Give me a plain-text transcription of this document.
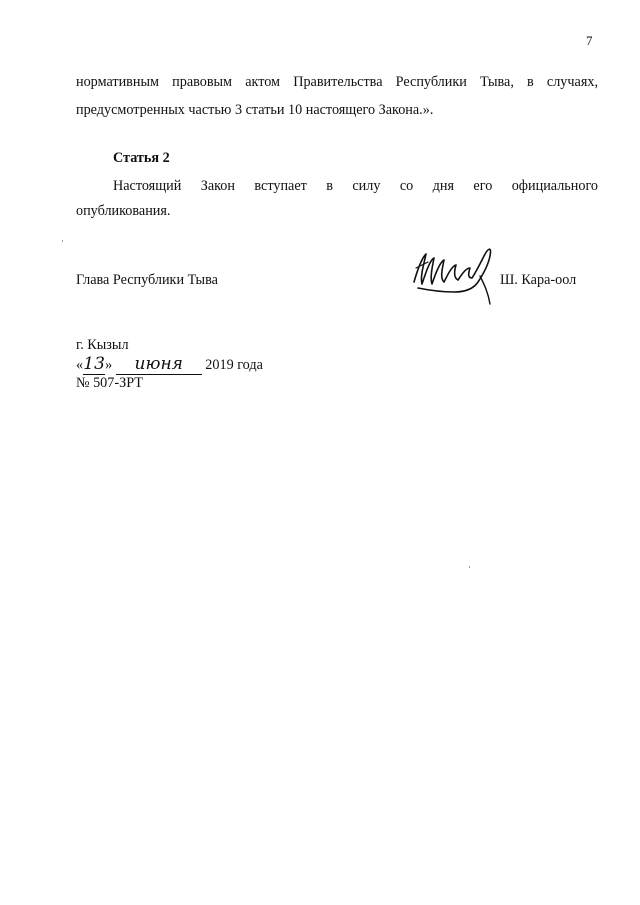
7
нормативным правовым актом Правительства Республики Тыва, в случаях,
предусмотренных частью 3 статьи 10 настоящего Закона.».
Статья 2
Настоящий Закон вступает в силу со дня его официального
опубликования.
Глава Республики Тыва	Ш. Кара-оол
г. Кызыл
«13» июня 2019 года
№ 507-ЗРТ
